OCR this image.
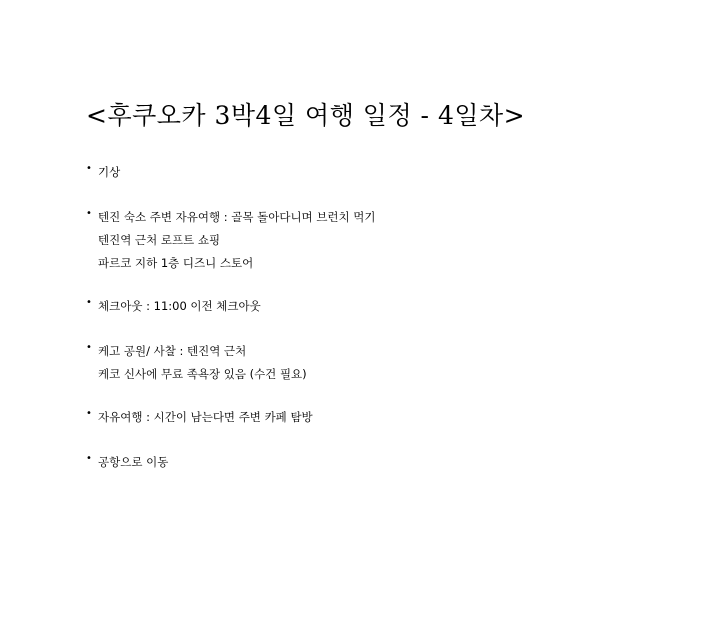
<후쿠오카 3박4일 여행 일정 - 4일차>
• 기상
• 텐진 숙소 주변 자유여행 : 골목 돌아다니며 브런치 먹기
텐진역 근처 로프트 쇼핑
파르코 지하 1층 디즈니 스토어
• 체크아웃 : 11:00 이전 체크아웃
• 케고 공원/ 사찰 : 텐진역 근처
케코 신사에 무료 족욕장 있음 (수건 필요)
• 자유여행 : 시간이 남는다면 주변 카페 탐방
• 공항으로 이동
